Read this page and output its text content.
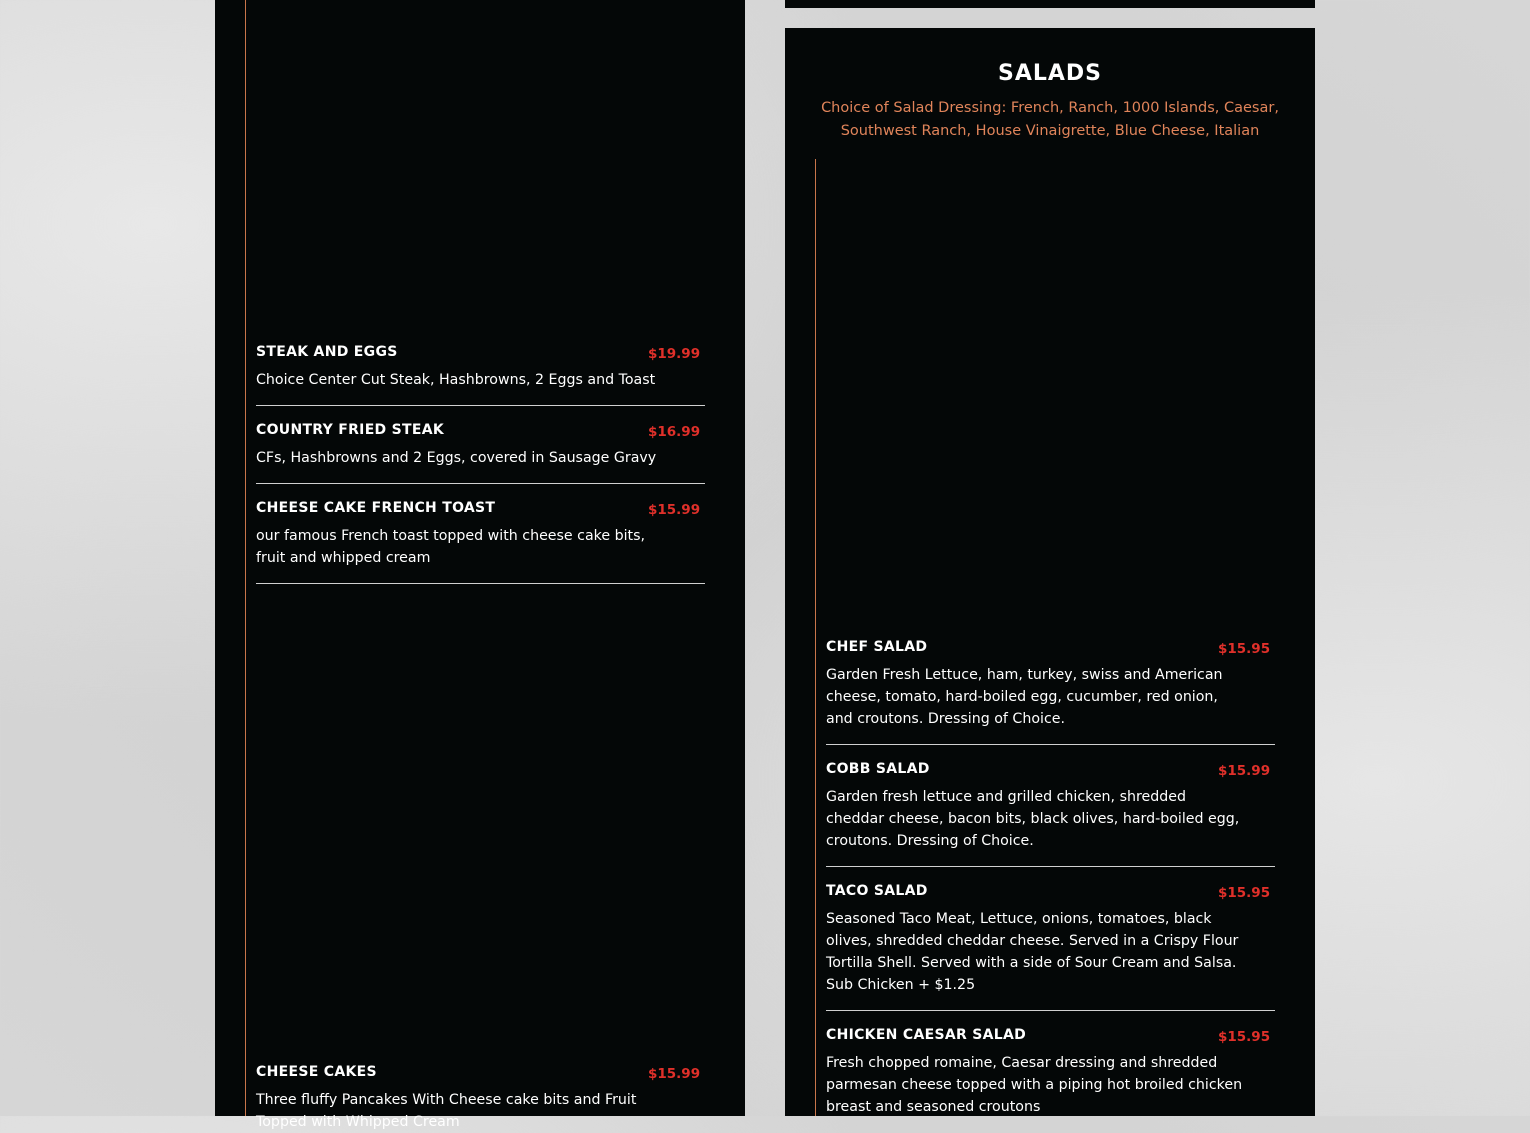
STEAK AND EGGS	$19.99
Choice Center Cut Steak, Hashbrowns, 2 Eggs and Toast
COUNTRY FRIED STEAK	$16.99
CFs, Hashbrowns and 2 Eggs, covered in Sausage Gravy
CHEESE CAKE FRENCH TOAST	$15.99
our famous French toast topped with cheese cake bits, fruit and whipped cream
CHEESE CAKES	$15.99
Three fluffy Pancakes With Cheese cake bits and Fruit Topped with Whipped Cream
SALADS
Choice of Salad Dressing: French, Ranch, 1000 Islands, Caesar, Southwest Ranch, House Vinaigrette, Blue Cheese, Italian
CHEF SALAD	$15.95
Garden Fresh Lettuce, ham, turkey, swiss and American cheese, tomato, hard-boiled egg, cucumber, red onion, and croutons. Dressing of Choice.
COBB SALAD	$15.99
Garden fresh lettuce and grilled chicken, shredded cheddar cheese, bacon bits, black olives, hard-boiled egg, croutons. Dressing of Choice.
TACO SALAD	$15.95
Seasoned Taco Meat, Lettuce, onions, tomatoes, black olives, shredded cheddar cheese. Served in a Crispy Flour Tortilla Shell. Served with a side of Sour Cream and Salsa. Sub Chicken + $1.25
CHICKEN CAESAR SALAD	$15.95
Fresh chopped romaine, Caesar dressing and shredded parmesan cheese topped with a piping hot broiled chicken breast and seasoned croutons
